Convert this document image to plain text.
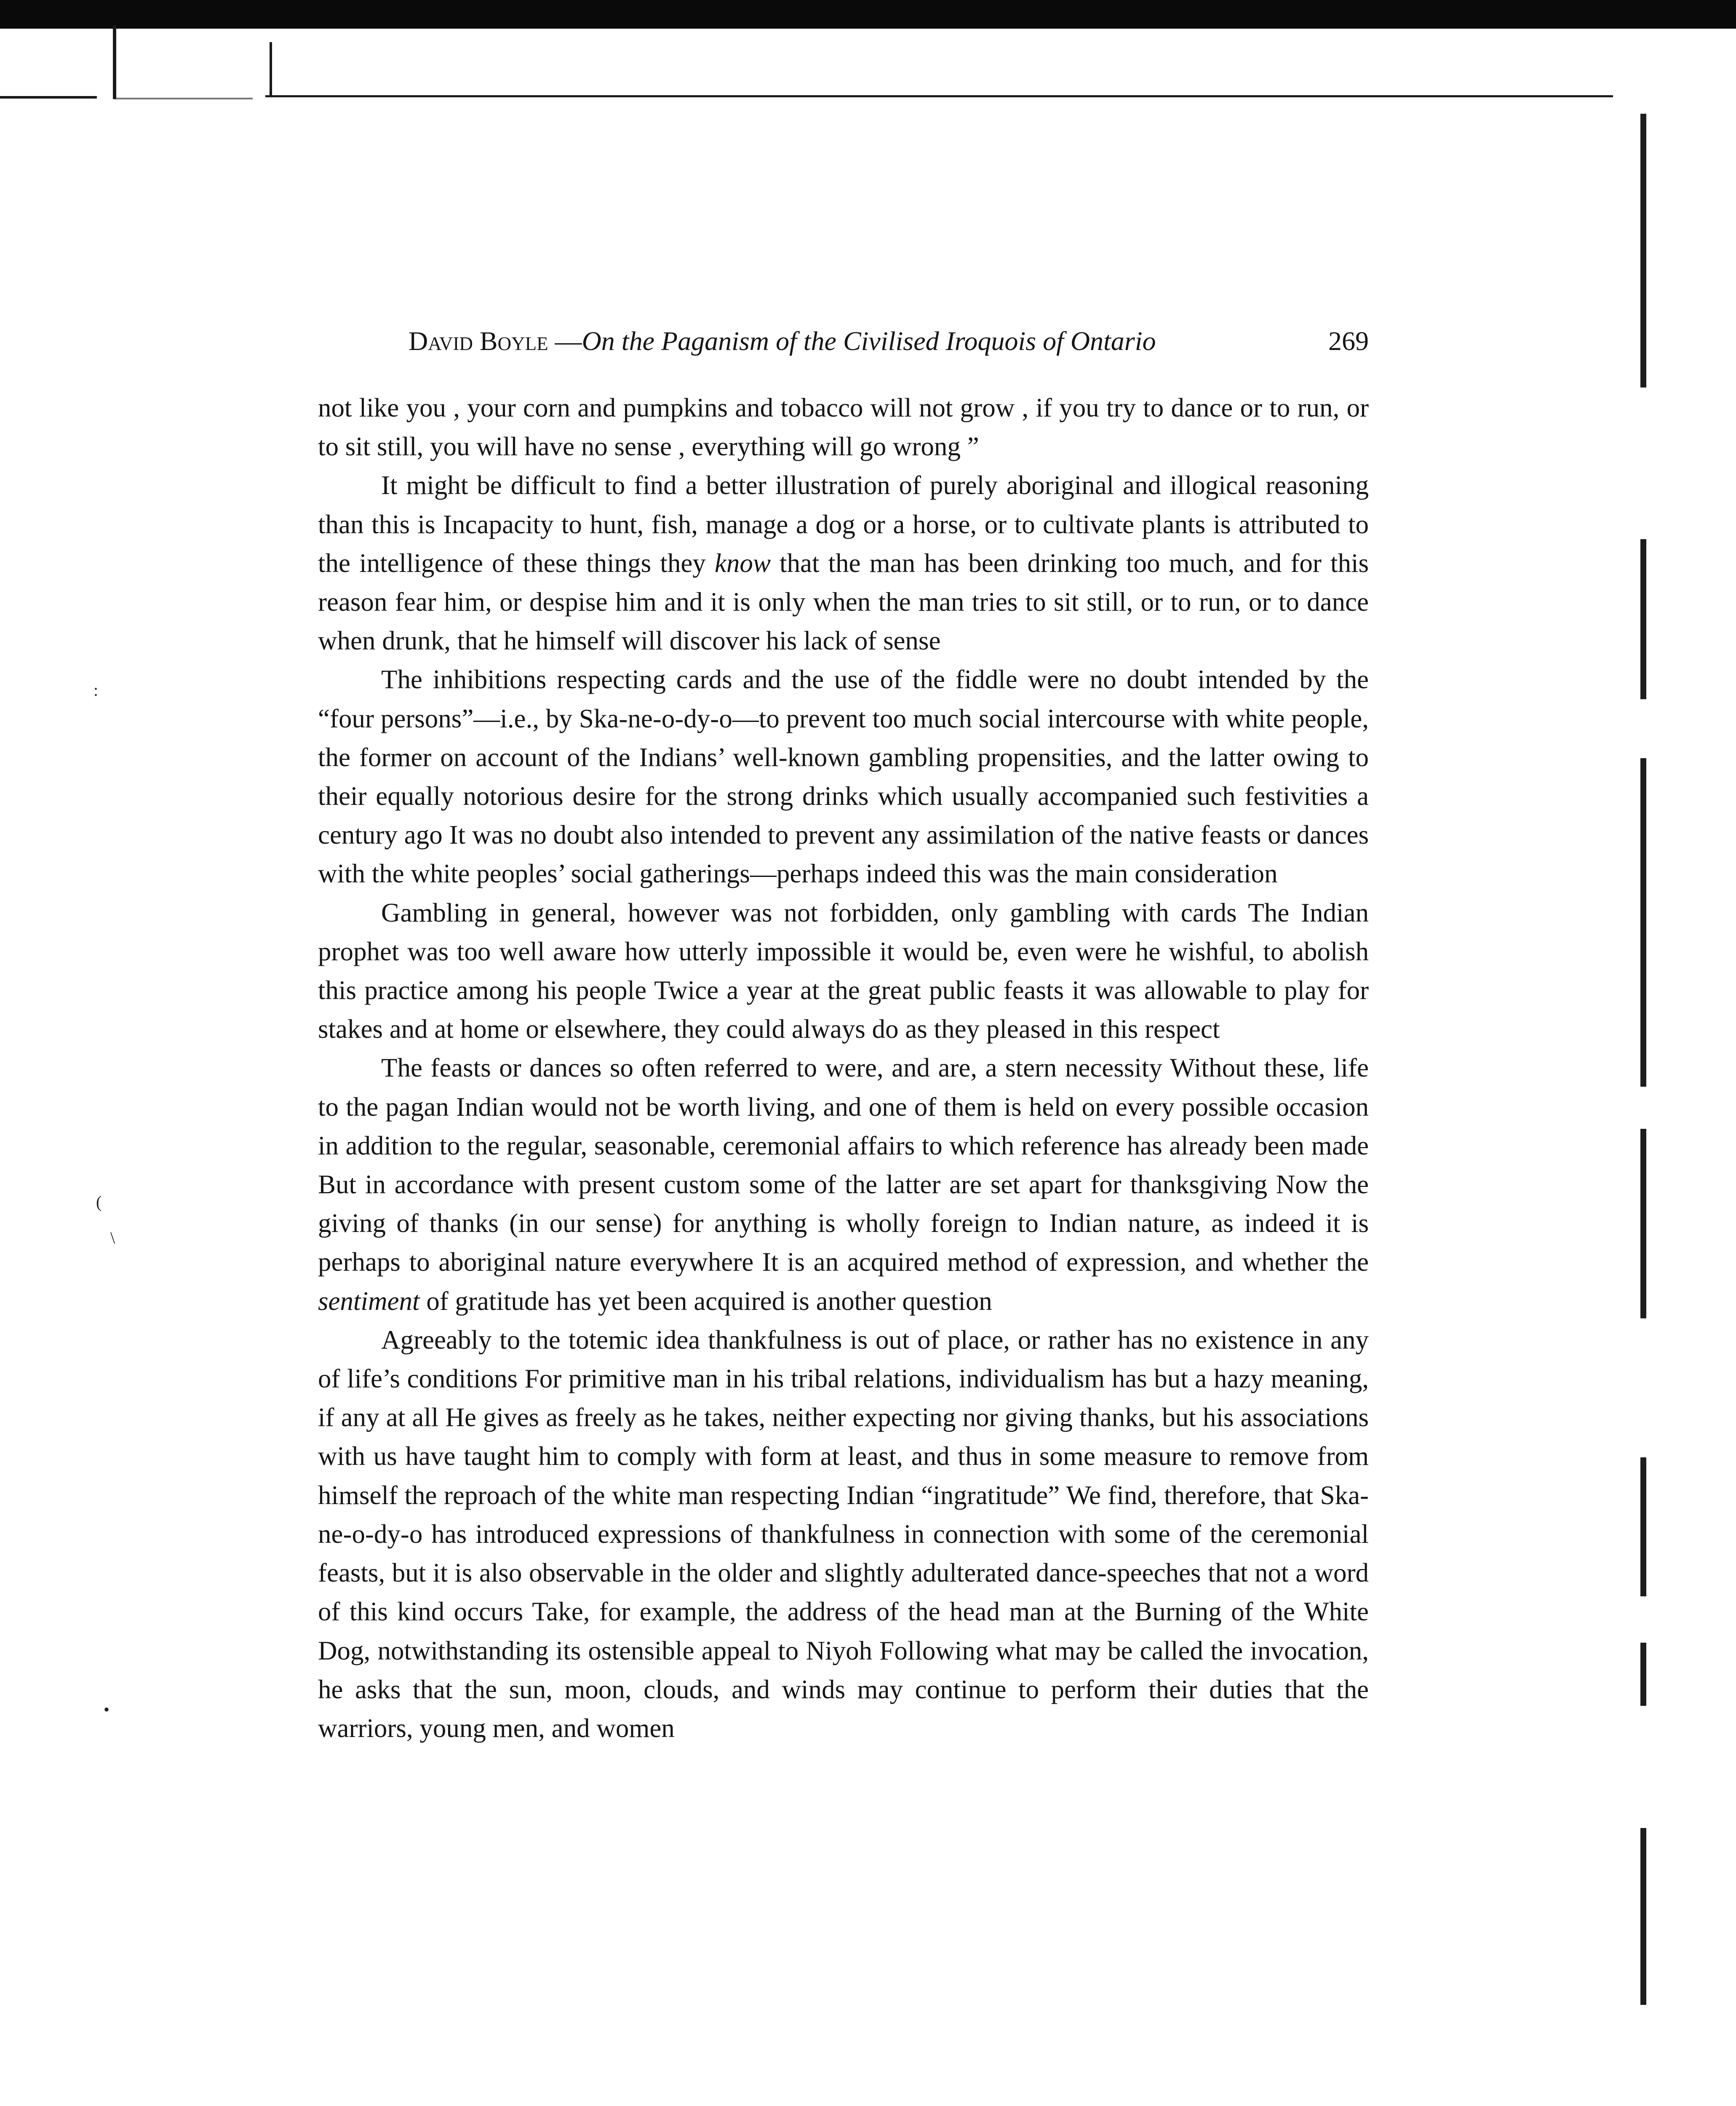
:
(
\
•
David Boyle —On the Paganism of the Civilised Iroquois of Ontario	269

not like you , your corn and pumpkins and tobacco will not grow , if you try to dance or to run, or to sit still, you will have no sense , everything will go wrong ”

It might be difficult to find a better illustration of purely aboriginal and illogical reasoning than this is Incapacity to hunt, fish, manage a dog or a horse, or to cultivate plants is attributed to the intelligence of these things they know that the man has been drinking too much, and for this reason fear him, or despise him and it is only when the man tries to sit still, or to run, or to dance when drunk, that he himself will discover his lack of sense

The inhibitions respecting cards and the use of the fiddle were no doubt intended by the “four persons”—i.e., by Ska-ne-o-dy-o—to prevent too much social intercourse with white people, the former on account of the Indians’ well-known gambling propensities, and the latter owing to their equally notorious desire for the strong drinks which usually accompanied such festivities a century ago It was no doubt also intended to prevent any assimilation of the native feasts or dances with the white peoples’ social gatherings—perhaps indeed this was the main consideration

Gambling in general, however was not forbidden, only gambling with cards The Indian prophet was too well aware how utterly impossible it would be, even were he wishful, to abolish this practice among his people Twice a year at the great public feasts it was allowable to play for stakes and at home or elsewhere, they could always do as they pleased in this respect

The feasts or dances so often referred to were, and are, a stern necessity Without these, life to the pagan Indian would not be worth living, and one of them is held on every possible occasion in addition to the regular, seasonable, ceremonial affairs to which reference has already been made But in accordance with present custom some of the latter are set apart for thanksgiving Now the giving of thanks (in our sense) for anything is wholly foreign to Indian nature, as indeed it is perhaps to aboriginal nature everywhere It is an acquired method of expression, and whether the sentiment of gratitude has yet been acquired is another question

Agreeably to the totemic idea thankfulness is out of place, or rather has no existence in any of life’s conditions For primitive man in his tribal relations, individualism has but a hazy meaning, if any at all He gives as freely as he takes, neither expecting nor giving thanks, but his associations with us have taught him to comply with form at least, and thus in some measure to remove from himself the reproach of the white man respecting Indian “ingratitude” We find, therefore, that Ska-ne-o-dy-o has introduced expressions of thankfulness in connection with some of the ceremonial feasts, but it is also observable in the older and slightly adulterated dance-speeches that not a word of this kind occurs Take, for example, the address of the head man at the Burning of the White Dog, notwithstanding its ostensible appeal to Niyoh Following what may be called the invocation, he asks that the sun, moon, clouds, and winds may continue to perform their duties that the warriors, young men, and women
